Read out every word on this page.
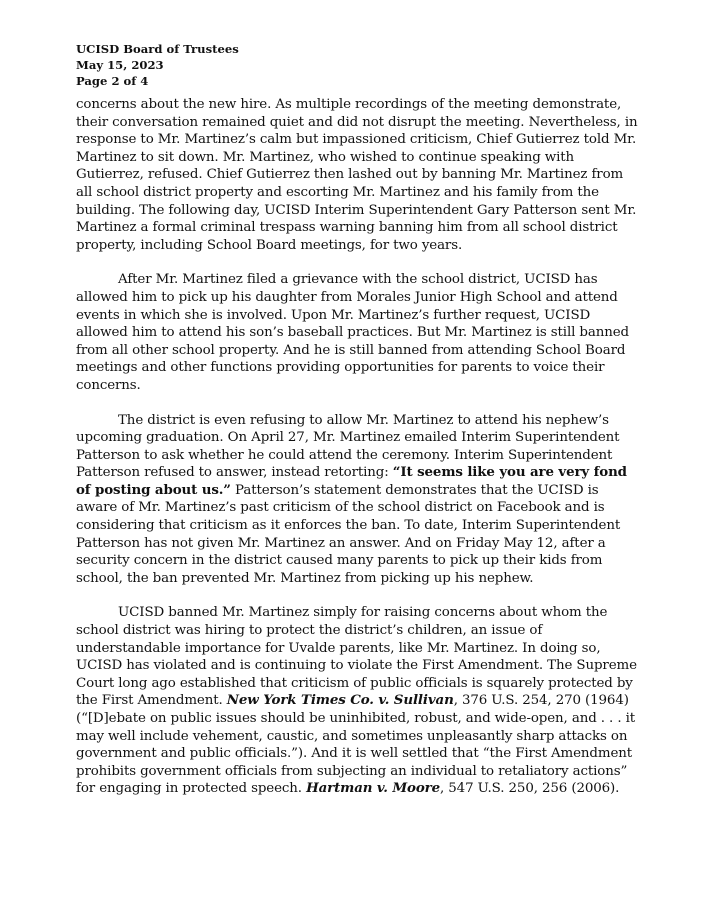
UCISD Board of Trustees
May 15, 2023
Page 2 of 4

concerns about the new hire. As multiple recordings of the meeting demonstrate, their conversation remained quiet and did not disrupt the meeting. Nevertheless, in response to Mr. Martinez’s calm but impassioned criticism, Chief Gutierrez told Mr. Martinez to sit down. Mr. Martinez, who wished to continue speaking with Gutierrez, refused. Chief Gutierrez then lashed out by banning Mr. Martinez from all school district property and escorting Mr. Martinez and his family from the building. The following day, UCISD Interim Superintendent Gary Patterson sent Mr. Martinez a formal criminal trespass warning banning him from all school district property, including School Board meetings, for two years.

After Mr. Martinez filed a grievance with the school district, UCISD has allowed him to pick up his daughter from Morales Junior High School and attend events in which she is involved. Upon Mr. Martinez’s further request, UCISD allowed him to attend his son’s baseball practices. But Mr. Martinez is still banned from all other school property. And he is still banned from attending School Board meetings and other functions providing opportunities for parents to voice their concerns.

The district is even refusing to allow Mr. Martinez to attend his nephew’s upcoming graduation. On April 27, Mr. Martinez emailed Interim Superintendent Patterson to ask whether he could attend the ceremony. Interim Superintendent Patterson refused to answer, instead retorting: “It seems like you are very fond of posting about us.” Patterson’s statement demonstrates that the UCISD is aware of Mr. Martinez’s past criticism of the school district on Facebook and is considering that criticism as it enforces the ban. To date, Interim Superintendent Patterson has not given Mr. Martinez an answer. And on Friday May 12, after a security concern in the district caused many parents to pick up their kids from school, the ban prevented Mr. Martinez from picking up his nephew.

UCISD banned Mr. Martinez simply for raising concerns about whom the school district was hiring to protect the district’s children, an issue of understandable importance for Uvalde parents, like Mr. Martinez. In doing so, UCISD has violated and is continuing to violate the First Amendment. The Supreme Court long ago established that criticism of public officials is squarely protected by the First Amendment. New York Times Co. v. Sullivan, 376 U.S. 254, 270 (1964) (“[D]ebate on public issues should be uninhibited, robust, and wide-open, and . . . it may well include vehement, caustic, and sometimes unpleasantly sharp attacks on government and public officials.”). And it is well settled that “the First Amendment prohibits government officials from subjecting an individual to retaliatory actions” for engaging in protected speech. Hartman v. Moore, 547 U.S. 250, 256 (2006).
